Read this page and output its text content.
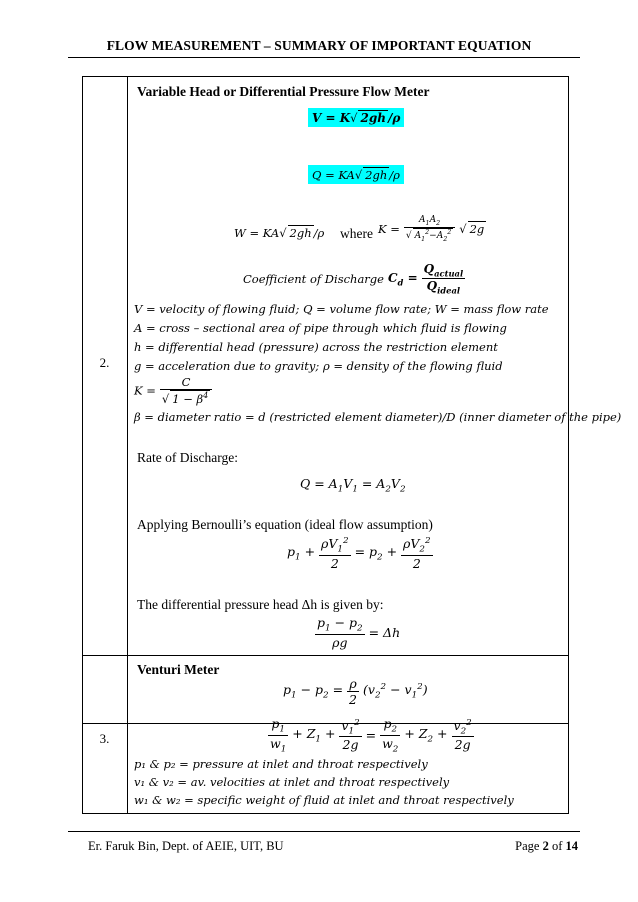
FLOW MEASUREMENT – SUMMARY OF IMPORTANT EQUATION
2.
Variable Head or Differential Pressure Flow Meter
V = K√ 2gh /ρ
Q = KA√ 2gh /ρ
W = KA√ 2gh /ρ where $K = \frac{A_1A_2}{√ A_1^2-A_2^2}$ √ 2g
Coefficient of Discharge $C_d = \frac{Q_{actual}}{Q_{ideal}}$
V = velocity of flowing fluid; Q = volume flow rate; W = mass flow rate
A = cross – sectional area of pipe through which fluid is flowing
h = differential head (pressure) across the restriction element
g = acceleration due to gravity; ρ = density of the flowing fluid
$K = \frac{C}{√ 1 - \beta^4}$
β = diameter ratio = d (restricted element diameter)/D (inner diameter of the pipe)
Rate of Discharge:
$Q = A_1V_1 = A_2V_2$
Applying Bernoulli’s equation (ideal flow assumption)
$p_1 + \frac{\rho V_1^2}{2} = p_2 + \frac{\rho V_2^2}{2}$
The differential pressure head Δh is given by:
$\frac{p_1 - p_2}{\rho g} = \Delta h$
3.
Venturi Meter
$p_1 - p_2 = \frac{\rho}{2} (v_2^2 - v_1^2)$
$\frac{p_1}{w_1} + Z_1 + \frac{v_1^2}{2g} = \frac{p_2}{w_2} + Z_2 + \frac{v_2^2}{2g}$
p₁ & p₂ = pressure at inlet and throat respectively
v₁ & v₂ = av. velocities at inlet and throat respectively
w₁ & w₂ = specific weight of fluid at inlet and throat respectively
Er. Faruk Bin, Dept. of AEIE, UIT, BU	Page 2 of 14
